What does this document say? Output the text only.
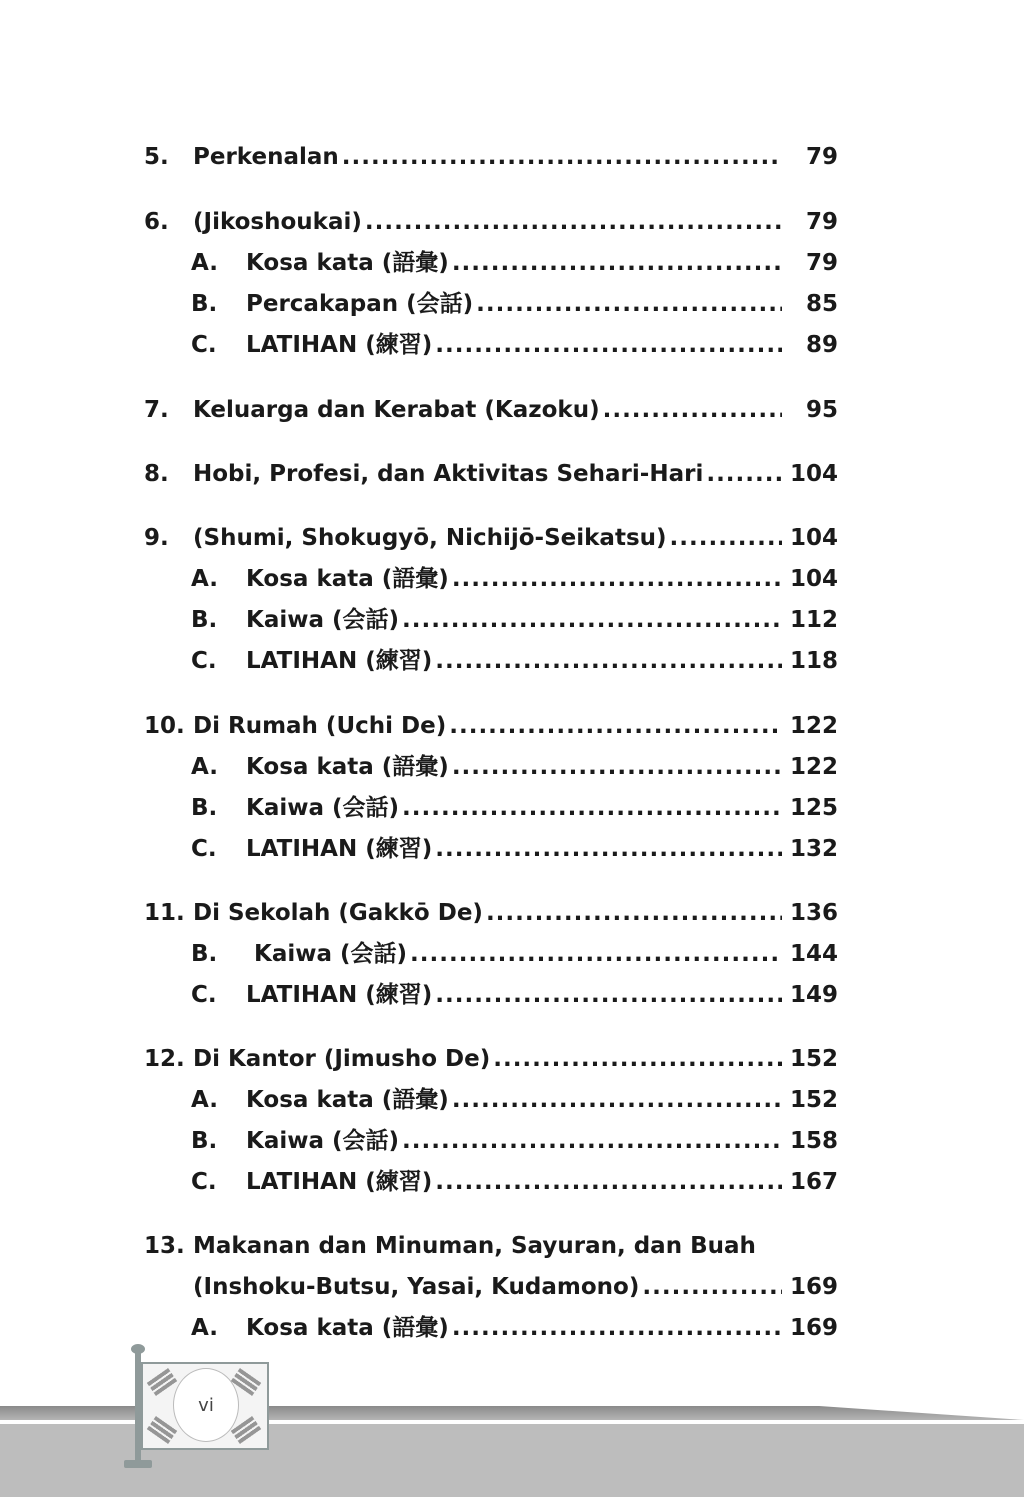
5. Perkenalan .....	79
6. (Jikoshoukai) .....	79
A. Kosa kata (語彙) .....	79
B. Percakapan (会話) .....	85
C. LATIHAN (練習) .....	89
7. Keluarga dan Kerabat (Kazoku) .....	95
8. Hobi, Profesi, dan Aktivitas Sehari-Hari .....	104
9. (Shumi, Shokugyō, Nichijō-Seikatsu) .....	104
A. Kosa kata (語彙) .....	104
B. Kaiwa (会話) .....	112
C. LATIHAN (練習) .....	118
10. Di Rumah (Uchi De) .....	122
A. Kosa kata (語彙) .....	122
B. Kaiwa (会話) .....	125
C. LATIHAN (練習) .....	132
11. Di Sekolah (Gakkō De) .....	136
B. Kaiwa (会話) .....	144
C. LATIHAN (練習) .....	149
12. Di Kantor (Jimusho De) .....	152
A. Kosa kata (語彙) .....	152
B. Kaiwa (会話) .....	158
C. LATIHAN (練習) .....	167
13. Makanan dan Minuman, Sayuran, dan Buah
(Inshoku-Butsu, Yasai, Kudamono) .....	169
A. Kosa kata (語彙) .....	169
vi
